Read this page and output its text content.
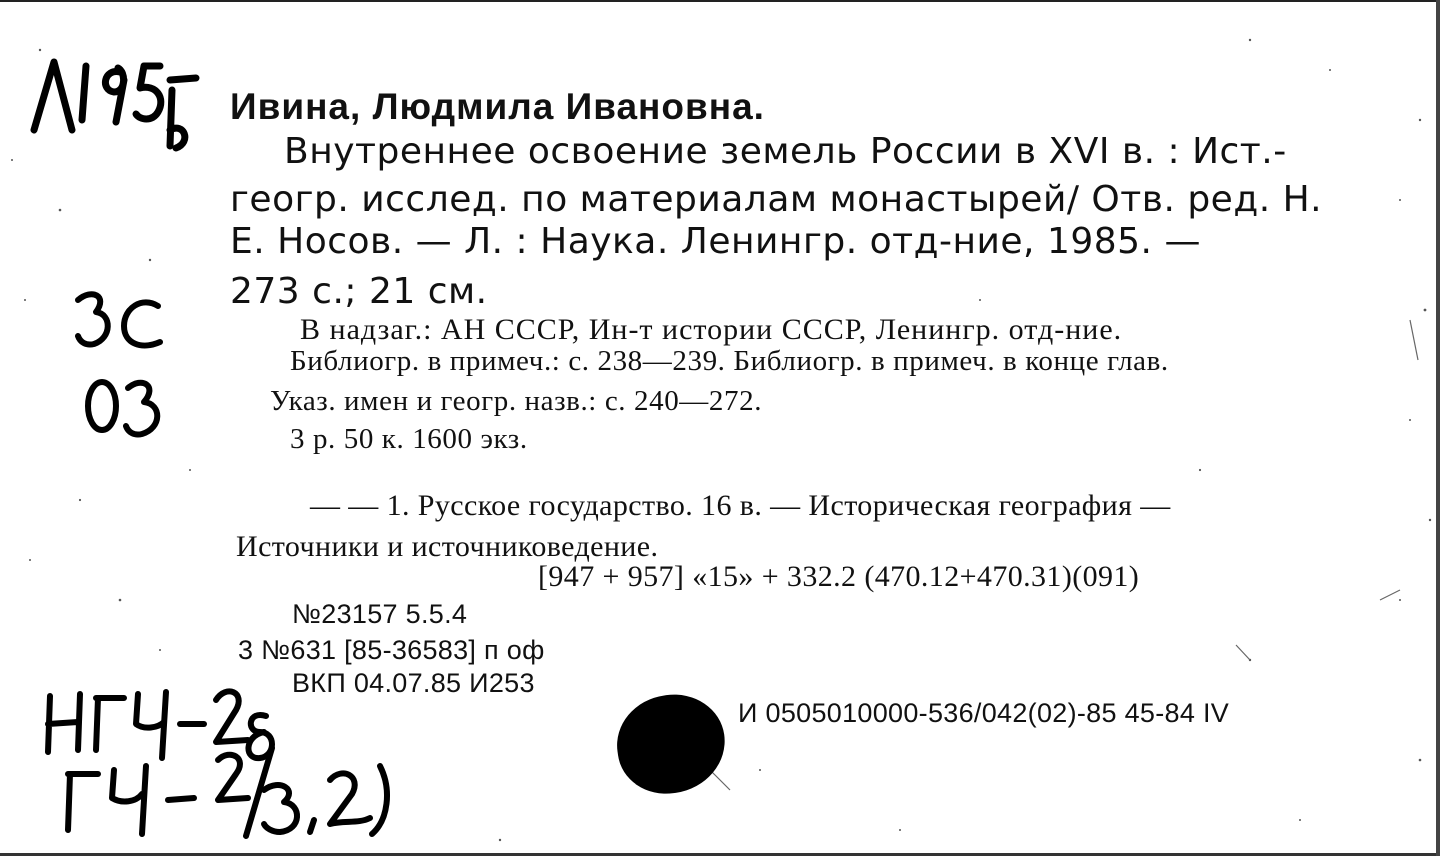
Ивина, Людмила Ивановна.
Внутреннее освоение земель России в XVI в. : Ист.-
геогр. исслед. по материалам монастырей/ Отв. ред. Н.
Е. Носов. — Л. : Наука. Ленингр. отд-ние, 1985. —
273 с.; 21 см.
В надзаг.: АН СССР, Ин-т истории СССР, Ленингр. отд-ние.
Библиогр. в примеч.: с. 238—239. Библиогр. в примеч. в конце глав.
Указ. имен и геогр. назв.: с. 240—272.
3 р. 50 к. 1600 экз.
— — 1. Русское государство. 16 в. — Историческая география —
Источники и источниковедение.
[947 + 957] «15» + 332.2 (470.12+470.31)(091)
№23157 5.5.4
3 №631 [85-36583] п оф
ВКП 04.07.85 И253
И 0505010000-536/042(02)-85 45-84 IV
